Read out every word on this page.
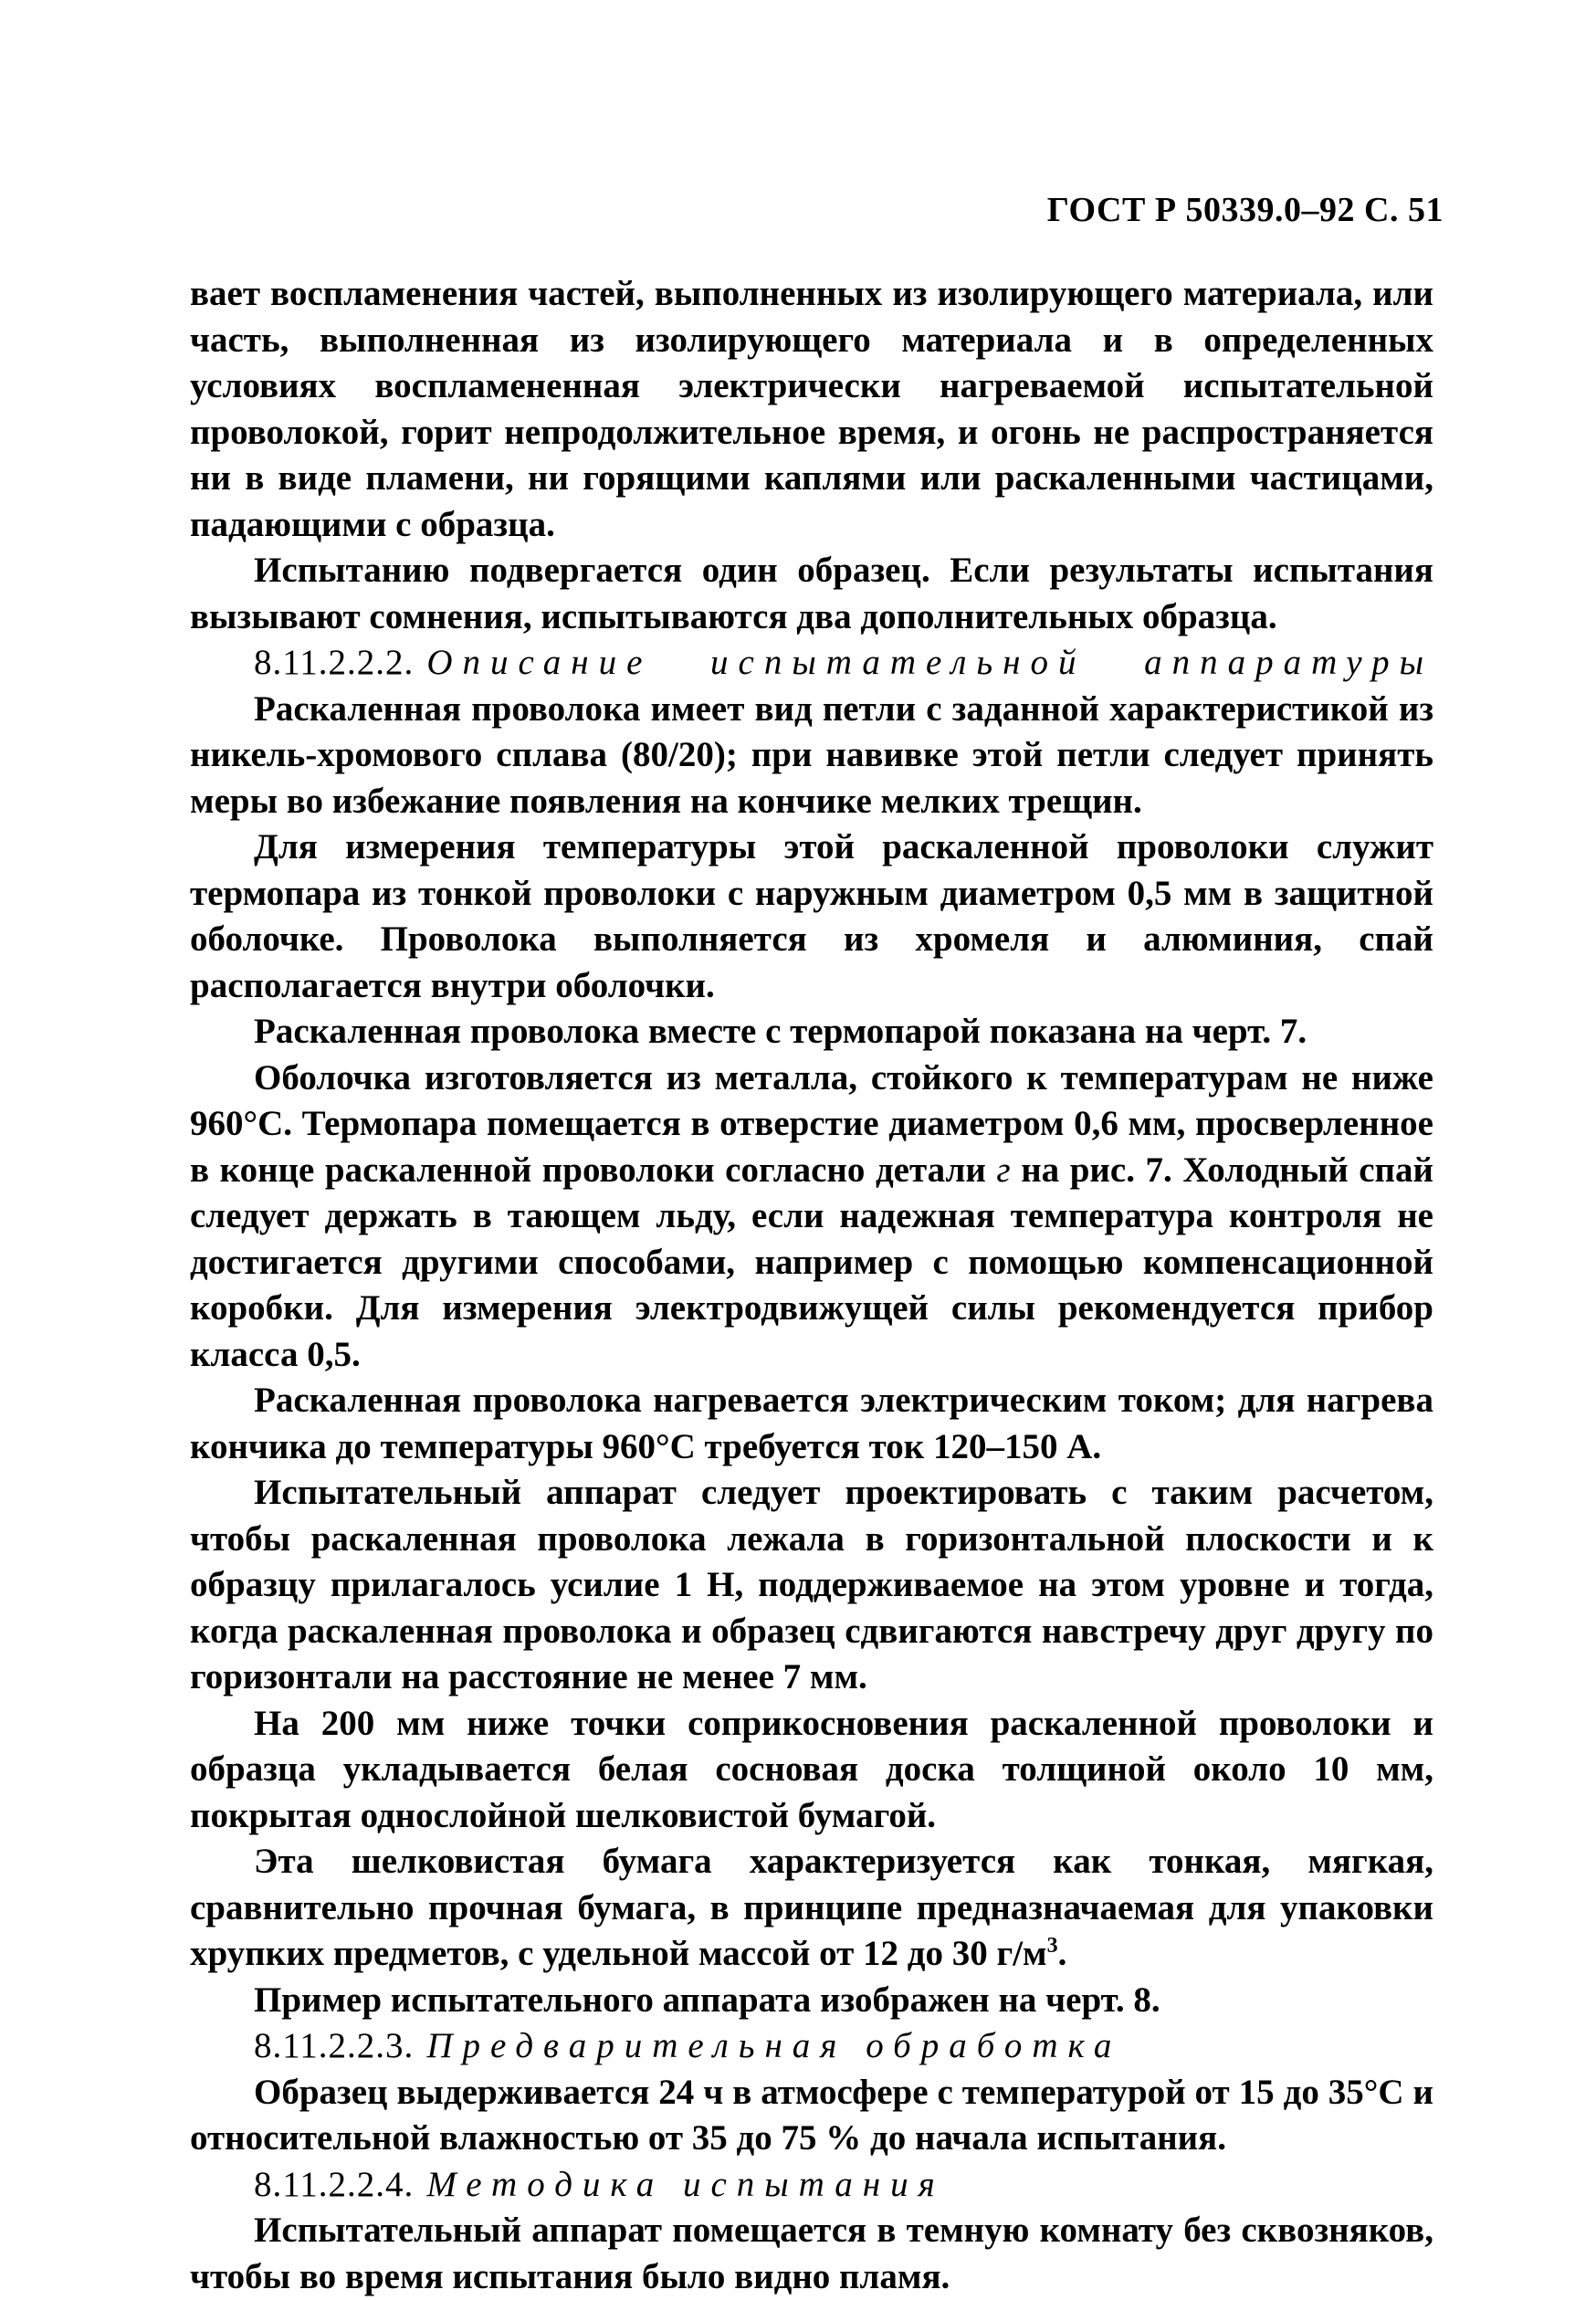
ГОСТ Р 50339.0–92 С. 51

вает воспламенения частей, выполненных из изолирующего материала, или часть, выполненная из изолирующего материала и в определенных условиях воспламененная электрически нагреваемой испытательной проволокой, горит непродолжительное время, и огонь не распространяется ни в виде пламени, ни горящими каплями или раскаленными частицами, падающими с образца.

Испытанию подвергается один образец. Если результаты испытания вызывают сомнения, испытываются два дополнительных образца.

8.11.2.2.2. Описание испытательной аппаратуры

Раскаленная проволока имеет вид петли с заданной характеристикой из никель-хромового сплава (80/20); при навивке этой петли следует принять меры во избежание появления на кончике мелких трещин.

Для измерения температуры этой раскаленной проволоки служит термопара из тонкой проволоки с наружным диаметром 0,5 мм в защитной оболочке. Проволока выполняется из хромеля и алюминия, спай располагается внутри оболочки.

Раскаленная проволока вместе с термопарой показана на черт. 7.

Оболочка изготовляется из металла, стойкого к температурам не ниже 960°С. Термопара помещается в отверстие диаметром 0,6 мм, просверленное в конце раскаленной проволоки согласно детали г на рис. 7. Холодный спай следует держать в тающем льду, если надежная температура контроля не достигается другими способами, например с помощью компенсационной коробки. Для измерения электродвижущей силы рекомендуется прибор класса 0,5.

Раскаленная проволока нагревается электрическим током; для нагрева кончика до температуры 960°С требуется ток 120–150 А.

Испытательный аппарат следует проектировать с таким расчетом, чтобы раскаленная проволока лежала в горизонтальной плоскости и к образцу прилагалось усилие 1 Н, поддерживаемое на этом уровне и тогда, когда раскаленная проволока и образец сдвигаются навстречу друг другу по горизонтали на расстояние не менее 7 мм.

На 200 мм ниже точки соприкосновения раскаленной проволоки и образца укладывается белая сосновая доска толщиной около 10 мм, покрытая однослойной шелковистой бумагой.

Эта шелковистая бумага характеризуется как тонкая, мягкая, сравнительно прочная бумага, в принципе предназначаемая для упаковки хрупких предметов, с удельной массой от 12 до 30 $г/м^3$.

Пример испытательного аппарата изображен на черт. 8.

8.11.2.2.3. Предварительная обработка

Образец выдерживается 24 ч в атмосфере с температурой от 15 до 35°С и относительной влажностью от 35 до 75 % до начала испытания.

8.11.2.2.4. Методика испытания

Испытательный аппарат помещается в темную комнату без сквозняков, чтобы во время испытания было видно пламя.
